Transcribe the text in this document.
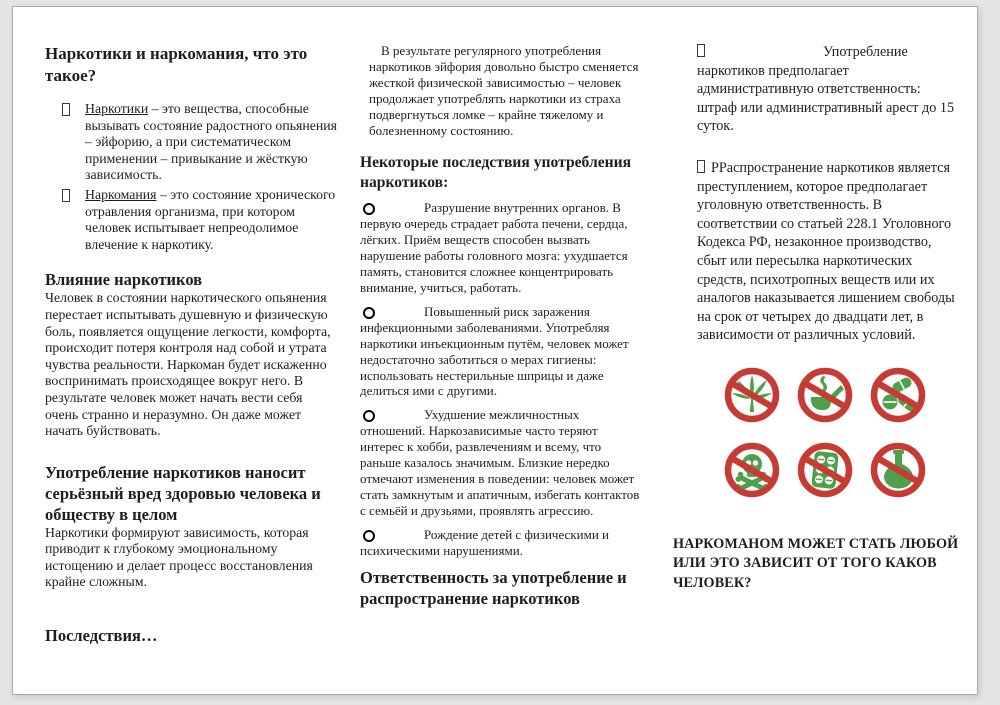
Наркотики и наркомания, что это такое?

Наркотики – это вещества, способные вызывать состояние радостного опьянения – эйфорию, а при систематическом применении – привыкание и жёсткую зависимость.
Наркомания – это состояние хронического отравления организма, при котором человек испытывает непреодолимое влечение к наркотику.

Влияние наркотиков

Человек в состоянии наркотического опьянения перестает испытывать душевную и физическую боль, появляется ощущение легкости, комфорта, происходит потеря контроля над собой и утрата чувства реальности. Наркоман будет искаженно воспринимать происходящее вокруг него. В результате человек может начать вести себя очень странно и неразумно. Он даже может начать буйствовать.

Употребление наркотиков наносит серьёзный вред здоровью человека и обществу в целом

Наркотики формируют зависимость, которая приводит к глубокому эмоциональному истощению и делает процесс восстановления крайне сложным.

Последствия…

В результате регулярного употребления наркотиков эйфория довольно быстро сменяется жесткой физической зависимостью – человек продолжает употреблять наркотики из страха подвергнуться ломке – крайне тяжелому и болезненному состоянию.

Некоторые последствия употребления наркотиков:

Разрушение внутренних органов. В первую очередь страдает работа печени, сердца, лёгких. Приём веществ способен вызвать нарушение работы головного мозга: ухудшается память, становится сложнее концентрировать внимание, учиться, работать.
Повышенный риск заражения инфекционными заболеваниями. Употребляя наркотики инъекционным путём, человек может недостаточно заботиться о мерах гигиены: использовать нестерильные шприцы и даже делиться ими с другими.
Ухудшение межличностных отношений. Наркозависимые часто теряют интерес к хобби, развлечениям и всему, что раньше казалось значимым. Близкие нередко отмечают изменения в поведении: человек может стать замкнутым и апатичным, избегать контактов с семьёй и друзьями, проявлять агрессию.
Рождение детей с физическими и психическими нарушениями.

Ответственность за употребление и распространение наркотиков

Употребление наркотиков предполагает административную ответственность: штраф или административный арест до 15 суток.

РРаспространение наркотиков является преступлением, которое предполагает уголовную ответственность. В соответствии со статьей 228.1 Уголовного Кодекса РФ, незаконное производство, сбыт или пересылка наркотических средств, психотропных веществ или их аналогов наказывается лишением свободы на срок от четырех до двадцати лет, в зависимости от различных условий.

НАРКОМАНОМ МОЖЕТ СТАТЬ ЛЮБОЙ ИЛИ ЭТО ЗАВИСИТ ОТ ТОГО КАКОВ ЧЕЛОВЕК?
